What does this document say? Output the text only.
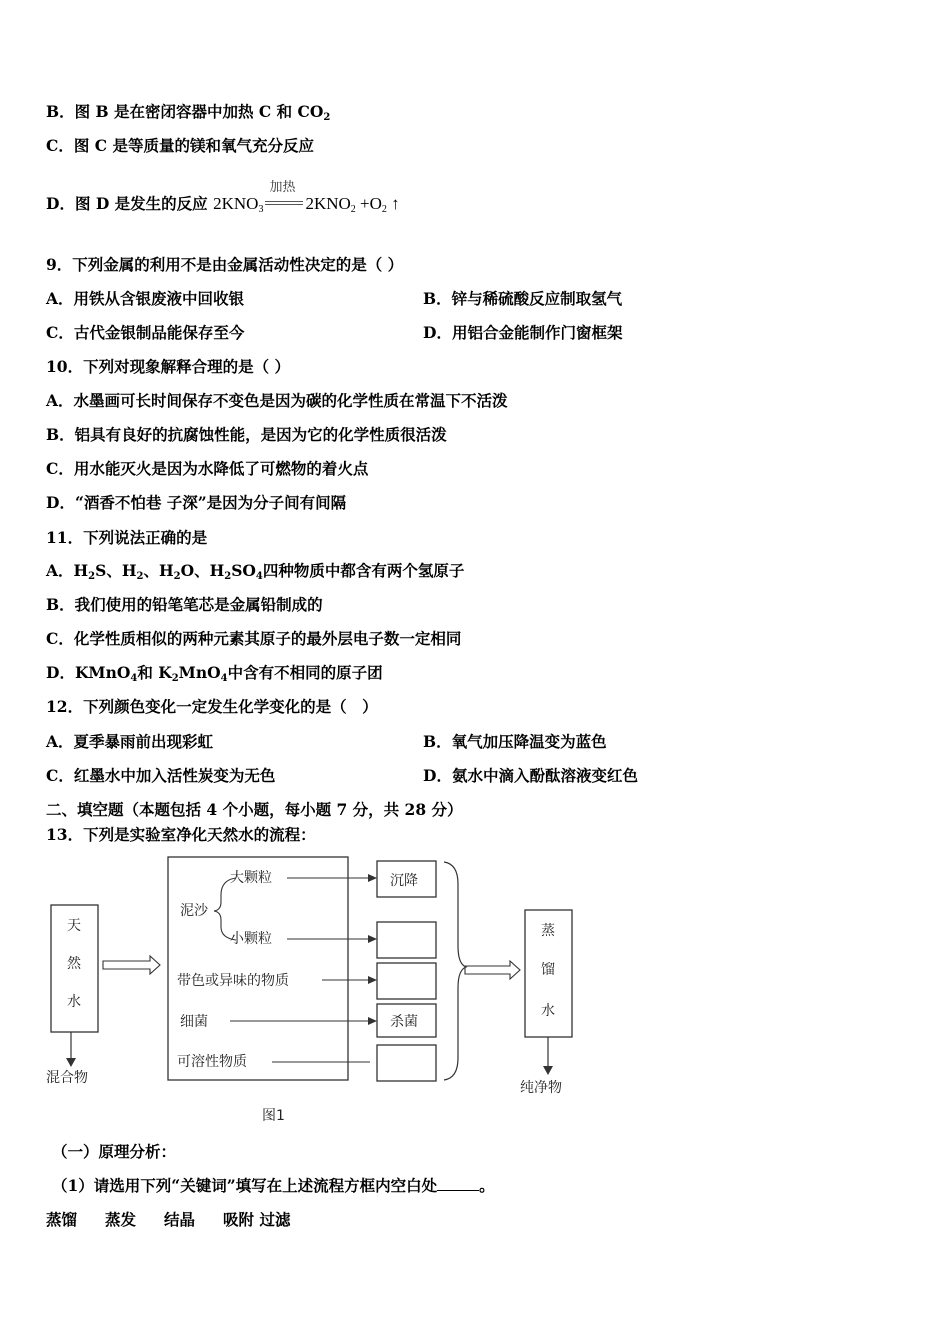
B．图 B 是在密闭容器中加热 C 和 $CO_2$
C．图 C 是等质量的镁和氧气充分反应
D．图 D 是发生的反应 $2KNO_3$
加热
$2KNO_2 +O_2$ ↑
9．下列金属的利用不是由金属活动性决定的是（ ）
A．用铁从含银废液中回收银	B．锌与稀硫酸反应制取氢气
C．古代金银制品能保存至今	D．用铝合金能制作门窗框架
10．下列对现象解释合理的是（ ）
A．水墨画可长时间保存不变色是因为碳的化学性质在常温下不活泼
B．铝具有良好的抗腐蚀性能，是因为它的化学性质很活泼
C．用水能灭火是因为水降低了可燃物的着火点
D．“酒香不怕巷 子深”是因为分子间有间隔
11．下列说法正确的是
A．$H_2S$、$H_2$、$H_2O$、$H_2SO_4$四种物质中都含有两个氢原子
B．我们使用的铅笔笔芯是金属铅制成的
C．化学性质相似的两种元素其原子的最外层电子数一定相同
D．KMnO$_4$和 $K_2MnO_4$中含有不相同的原子团
12．下列颜色变化一定发生化学变化的是（　）
A．夏季暴雨前出现彩虹	B．氧气加压降温变为蓝色
C．红墨水中加入活性炭变为无色	D．氨水中滴入酚酞溶液变红色
二、填空题（本题包括 4 个小题，每小题 7 分，共 28 分）
13．下列是实验室净化天然水的流程：
天
然
水
混合物
泥沙
大颗粒
小颗粒
带色或异味的物质
细菌
可溶性物质
沉降
杀菌
蒸
馏
水
纯净物
图1
（一）原理分析：
（1）请选用下列“关键词”填写在上述流程方框内空白处	。
蒸馏 蒸发 结晶 吸附 过滤
